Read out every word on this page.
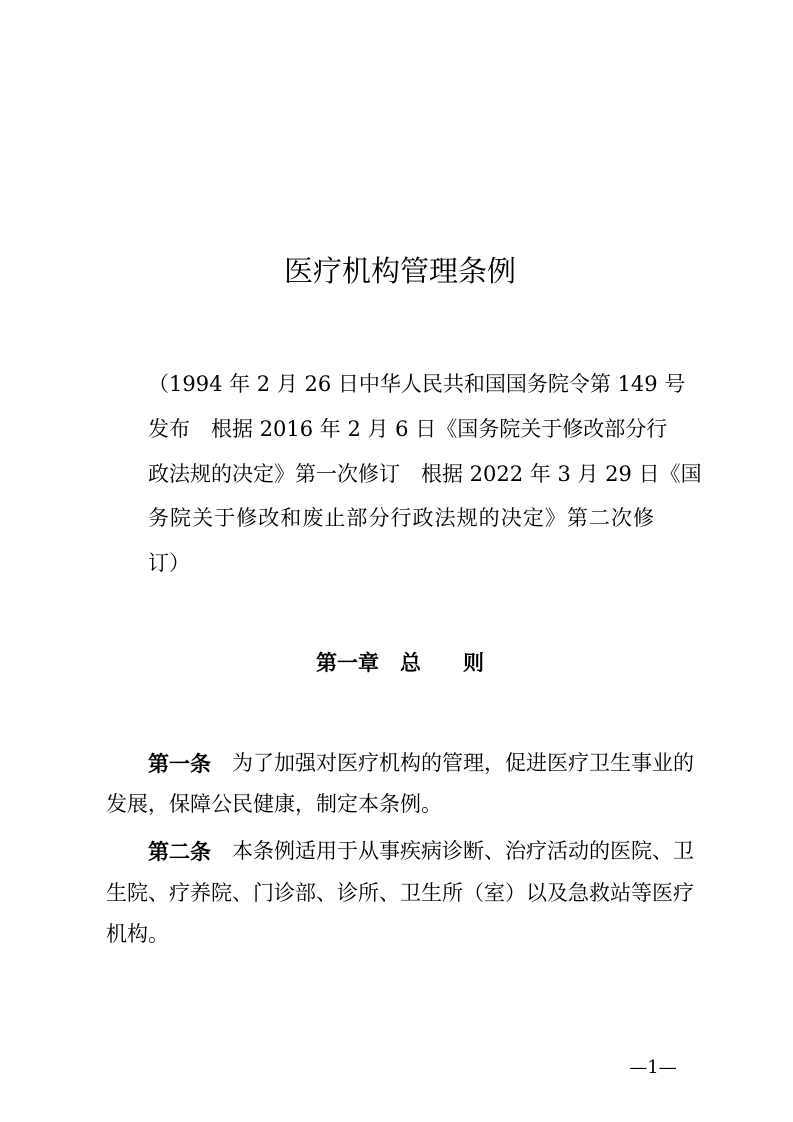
医疗机构管理条例
（1994 年 2 月 26 日中华人民共和国国务院令第 149 号
发布　根据 2016 年 2 月 6 日《国务院关于修改部分行
政法规的决定》第一次修订　根据 2022 年 3 月 29 日《国
务院关于修改和废止部分行政法规的决定》第二次修
订）
第一章　总　　则
第一条 为了加强对医疗机构的管理，促进医疗卫生事业的
发展，保障公民健康，制定本条例。
第二条 本条例适用于从事疾病诊断、治疗活动的医院、卫
生院、疗养院、门诊部、诊所、卫生所（室）以及急救站等医疗
机构。
—1—
